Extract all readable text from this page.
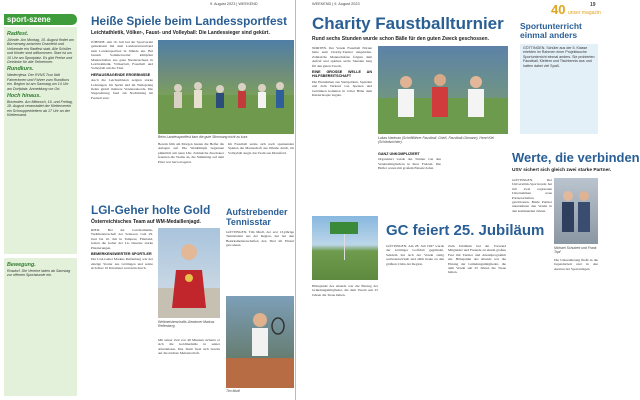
9. August 2023 | WEEKEND
sport-szene
Radfest.
Jühnde. Am Montag, 15. August findet am Bürmerweg zwischen Dramfeld und Volkerode ein Radfest statt. Alle Schüler und Kinder sind willkommen. Start ist um 10 Uhr am Sportplatz. Es gibt Preise und Getränke für alle Teilnehmer.
Rundkurs.
Niedernjesa. Der RVNS Tour lädt Fahrerinnen und Fahrer zum Rundkurs ein. Beginn ist am Samstag um 14 Uhr am Dorfplatz. Anmeldung vor Ort.
Hoch hinaus.
Bovenden. Am Mittwoch, 16. und Freitag, 18. August veranstaltet der Kletterverein ein Schnupperklettern ab 17 Uhr an der Kletterwand.
Bewegung.
Rosdorf. Die Vereine laden ab Samstag zur offenen Sportstunde ein.
Heiße Spiele beim Landessportfest
Leichtathletik, Völker-, Faust- und Volleyball: Die Landessieger sind gekürt.
JÜHNDE. Am 10. Juli lud der Sportverein gemeinsam mit dem Landesturnverband zum Landessportfest in Jühnde ein. Bei bestem Sommerwetter kämpften Mannschaften aus ganz Niedersachsen in Leichtathletik, Völkerball, Faustball und Volleyball um die Titel.
HERAUSRAGENDE ERGEBNISSE
Auch die Leichtathleten zeigten starke Leistungen. Im Sprint und im Weitsprung fielen gleich mehrere Vereinsrekorde. Die Siegerehrung fand am Nachmittag im Festzelt statt.
Beim Landessportfest kam die gute Stimmung nicht zu kurz.
Bereits früh am Morgen bauten die Helfer die Anlagen auf. Die Wettkämpfe begannen pünktlich um neun Uhr. Zahlreiche Zuschauer feuerten die Teams an, die Stimmung auf dem Platz war hervorragend.
Im Faustball setzte sich nach spannenden Spielen die Mannschaft aus Jühnde durch, im Volleyball siegte das Team aus Dransfeld.
LGI-Geher holte Gold
Österreichisches Team auf WM-Medaillenjagd.
RIED. Bei der Leichtathletik-Weltmeisterschaft der Senioren vom 29. Juni bis 10. Juli in Tampere, Finnland, holten die Geher der LG Innerste starke Platzierungen.
BEMERKENSWERTER SPORTLER
Der LGI-Geher Markus Reifenberg war der einzige Starter aus Göttingen und setzte sich über 10 Kilometer souverän durch.
Weltmeisterschafts-Gewinner Markus Reifenberg
Mit seiner Zeit von 48 Minuten sicherte er sich die Goldmedaille in seiner Altersklasse. Das Team freut sich bereits auf die nächste Meisterschaft.
Aufstrebender Tennisstar
GÖTTINGEN. Tim Mudl, der erst 13-jährige Tennistalent aus der Region, hat bei den Bezirksmeisterschaften den Titel im Einzel gewonnen.
Tim Mudl
WEEKEND | 9. August 2023	19
40 unser magazin
Charity Faustballturnier
Rund sechs Stunden wurde schon Bälle für den guten Zweck geschossen.
NÖRTEN. Der Verein Faustball Nörten hatte zum Charity-Turnier eingeladen. Zahlreiche Mannschaften folgten dem Aufruf und spielten sechs Stunden lang für den guten Zweck.
EINE GROSSE WELLE AN HILFSBEREITSCHAFT
Die Einnahmen aus Startgeldern, Spenden und dem Verkauf von Speisen und Getränken kommen in voller Höhe dem Kinderhospiz zugute.
Lukas Hartman (Schriftführer Faustball, Grieß, Faustball-Obmann), Henri Kiel (Schiedsrichter).
GANZ UNKOMPLIZIERT
Organisiert wurde das Turnier von den Vereinsmitgliedern in ihrer Freizeit. Die Helfer waren mit großem Einsatz dabei.
GC feiert 25. Jubiläum
GÖTTINGEN. Am 28. Juli 1997 wurde der Göttinger Golfclub gegründet. Seitdem hat sich der Verein stetig weiterentwickelt und zählt heute zu den größten Clubs der Region.
Zum Jubiläum lud der Vorstand Mitglieder und Freunde zu einem großen Fest mit Turnier und Abendprogramm ein. Höhepunkt des Abends war die Ehrung der Gründungsmitglieder, die dem Verein seit 25 Jahren die Treue halten.
Höhepunkt des Abends war die Ehrung der Gründungsmitglieder, die dem Verein seit 25 Jahren die Treue halten.
Sportunterricht einmal anders
GÖTTINGEN. Schüler aus der 5. Klasse erlebten im Rahmen einer Projektwoche Sportunterricht einmal anders. Sie probierten Faustball, Klettern und Tischtennis aus und hatten dabei viel Spaß.
Werte, die verbinden
USV sichert sich gleich zwei starke Partner.
GÖTTINGEN. Der Universitäts-Sportverein hat mit zwei regionalen Unternehmen neue Partnerschaften geschlossen. Beide Partner unterstützen den Verein in den kommenden Jahren.
Michael Schubert und Frank Topf
Die Unterstützung fließt in die Jugendarbeit und in den Ausbau der Sportanlagen.
